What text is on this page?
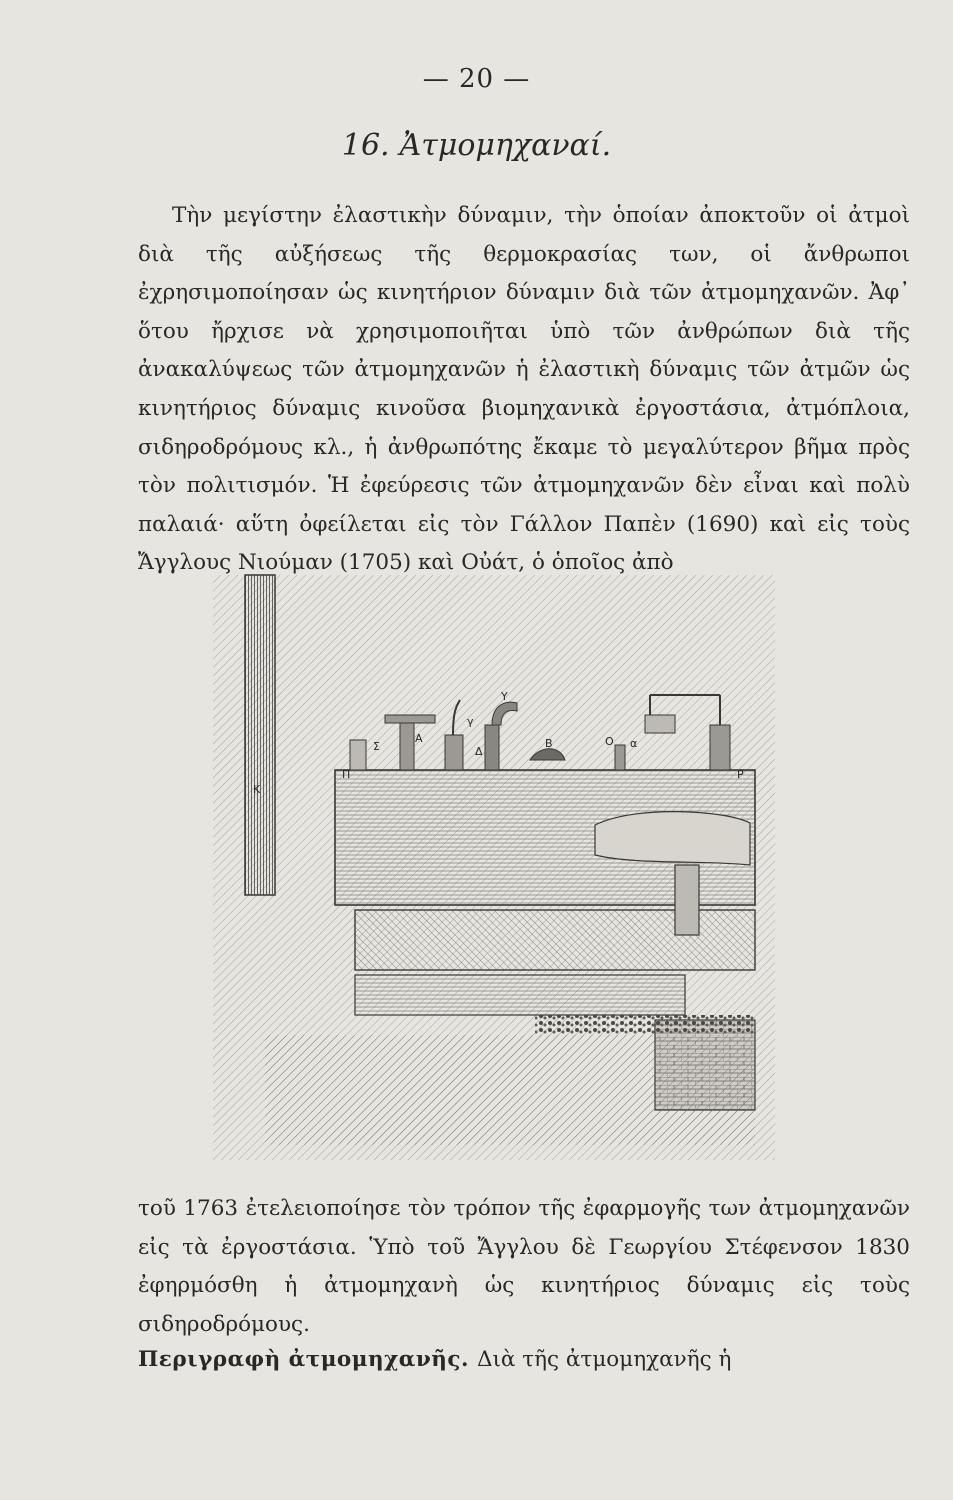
— 20 —
16. Ἀτμομηχαναί.

Τὴν μεγίστην ἐλαστικὴν δύναμιν, τὴν ὁποίαν ἀποκτοῦν οἱ ἀτμοὶ διὰ τῆς αὐξήσεως τῆς θερμοκρασίας των, οἱ ἄνθρωποι ἐχρησιμοποίησαν ὡς κινητήριον δύναμιν διὰ τῶν ἀτμομηχανῶν. Ἀφ᾽ ὅτου ἤρχισε νὰ χρησιμοποιῆται ὑπὸ τῶν ἀνθρώπων διὰ τῆς ἀνακαλύψεως τῶν ἀτμομηχανῶν ἡ ἐλαστικὴ δύναμις τῶν ἀτμῶν ὡς κινητήριος δύναμις κινοῦσα βιομηχανικὰ ἐργοστάσια, ἀτμόπλοια, σιδηροδρόμους κλ., ἡ ἀνθρωπότης ἔκαμε τὸ μεγαλύτερον βῆμα πρὸς τὸν πολιτισμόν. Ἡ ἐφεύρεσις τῶν ἀτμομηχανῶν δὲν εἶναι καὶ πολὺ παλαιά· αὕτη ὀφείλεται εἰς τὸν Γάλλον Παπὲν (1690) καὶ εἰς τοὺς Ἄγγλους Νιούμαν (1705) καὶ Οὐάτ, ὁ ὁποῖος ἀπὸ

Π
Σ
Α
γ
Υ
Β	Ο α
Ρ
Κ
Δ

τοῦ 1763 ἐτελειοποίησε τὸν τρόπον τῆς ἐφαρμογῆς των ἀτμομηχανῶν εἰς τὰ ἐργοστάσια. Ὑπὸ τοῦ Ἄγγλου δὲ Γεωργίου Στέφενσον 1830 ἐφηρμόσθη ἡ ἀτμομηχανὴ ὡς κινητήριος δύναμις εἰς τοὺς σιδηροδρόμους.

Περιγραφὴ ἀτμομηχανῆς. Διὰ τῆς ἀτμομηχανῆς ἡ
